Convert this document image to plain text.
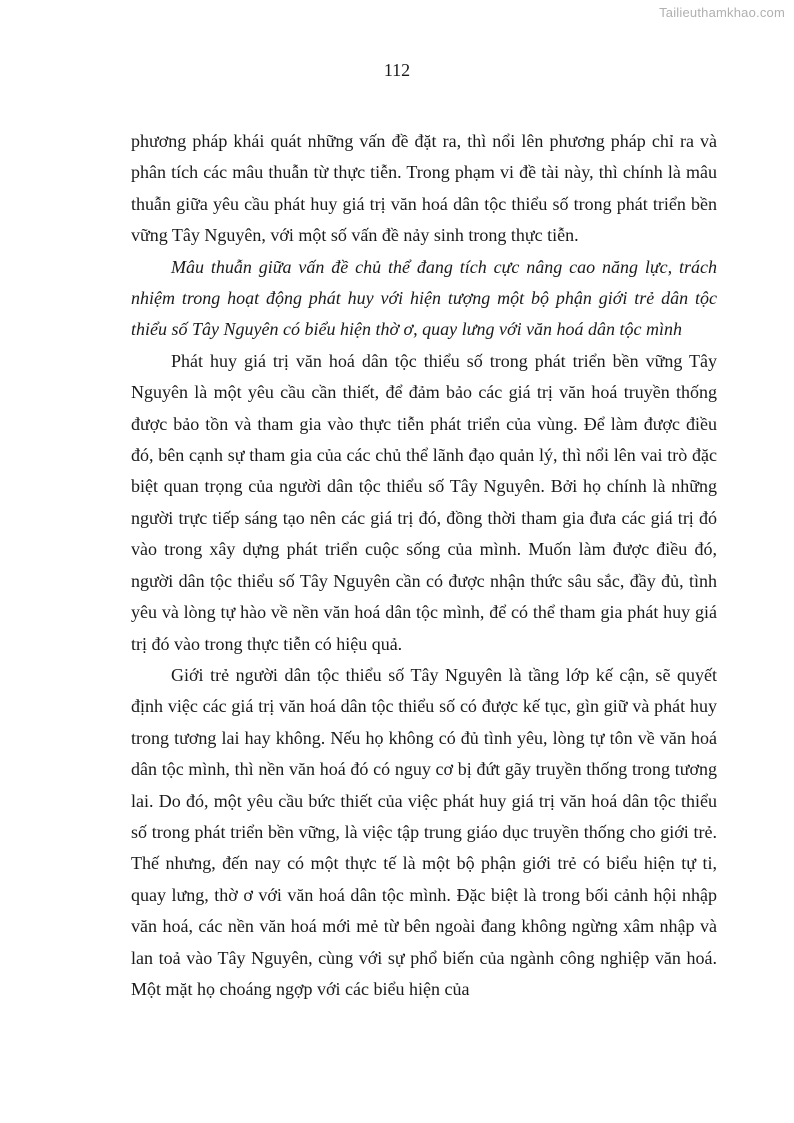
Tailieuthamkhao.com
112

phương pháp khái quát những vấn đề đặt ra, thì nổi lên phương pháp chỉ ra và phân tích các mâu thuẫn từ thực tiễn. Trong phạm vi đề tài này, thì chính là mâu thuẫn giữa yêu cầu phát huy giá trị văn hoá dân tộc thiểu số trong phát triển bền vững Tây Nguyên, với một số vấn đề nảy sinh trong thực tiễn.

Mâu thuẫn giữa vấn đề chủ thể đang tích cực nâng cao năng lực, trách nhiệm trong hoạt động phát huy với hiện tượng một bộ phận giới trẻ dân tộc thiểu số Tây Nguyên có biểu hiện thờ ơ, quay lưng với văn hoá dân tộc mình

Phát huy giá trị văn hoá dân tộc thiểu số trong phát triển bền vững Tây Nguyên là một yêu cầu cần thiết, để đảm bảo các giá trị văn hoá truyền thống được bảo tồn và tham gia vào thực tiễn phát triển của vùng. Để làm được điều đó, bên cạnh sự tham gia của các chủ thể lãnh đạo quản lý, thì nổi lên vai trò đặc biệt quan trọng của người dân tộc thiểu số Tây Nguyên. Bởi họ chính là những người trực tiếp sáng tạo nên các giá trị đó, đồng thời tham gia đưa các giá trị đó vào trong xây dựng phát triển cuộc sống của mình. Muốn làm được điều đó, người dân tộc thiểu số Tây Nguyên cần có được nhận thức sâu sắc, đầy đủ, tình yêu và lòng tự hào về nền văn hoá dân tộc mình, để có thể tham gia phát huy giá trị đó vào trong thực tiễn có hiệu quả.

Giới trẻ người dân tộc thiểu số Tây Nguyên là tầng lớp kế cận, sẽ quyết định việc các giá trị văn hoá dân tộc thiểu số có được kế tục, gìn giữ và phát huy trong tương lai hay không. Nếu họ không có đủ tình yêu, lòng tự tôn về văn hoá dân tộc mình, thì nền văn hoá đó có nguy cơ bị đứt gãy truyền thống trong tương lai. Do đó, một yêu cầu bức thiết của việc phát huy giá trị văn hoá dân tộc thiểu số trong phát triển bền vững, là việc tập trung giáo dục truyền thống cho giới trẻ. Thế nhưng, đến nay có một thực tế là một bộ phận giới trẻ có biểu hiện tự ti, quay lưng, thờ ơ với văn hoá dân tộc mình. Đặc biệt là trong bối cảnh hội nhập văn hoá, các nền văn hoá mới mẻ từ bên ngoài đang không ngừng xâm nhập và lan toả vào Tây Nguyên, cùng với sự phổ biến của ngành công nghiệp văn hoá. Một mặt họ choáng ngợp với các biểu hiện của
